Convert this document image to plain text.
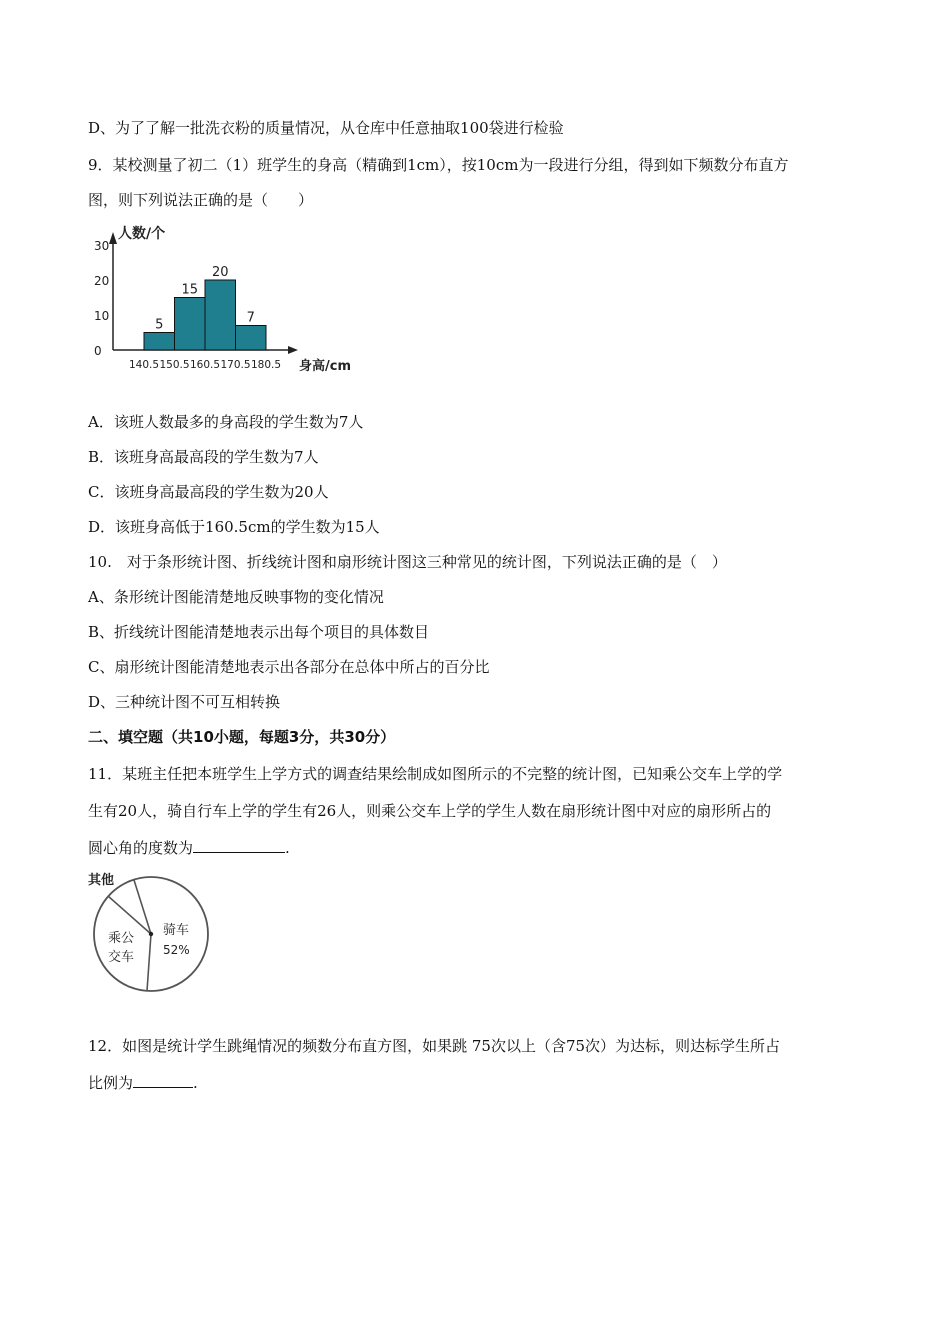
D、为了了解一批洗衣粉的质量情况，从仓库中任意抽取100袋进行检验
9．某校测量了初二（1）班学生的身高（精确到1cm），按10cm为一段进行分组，得到如下频数分布直方
图，则下列说法正确的是（　　）
0
10
20
30
人数/个
身高/cm
140.5 150.5 160.5 170.5 180.5
5
15
20
7
A．该班人数最多的身高段的学生数为7人
B．该班身高最高段的学生数为7人
C．该班身高最高段的学生数为20人
D．该班身高低于160.5cm的学生数为15人
10.　对于条形统计图、折线统计图和扇形统计图这三种常见的统计图，下列说法正确的是（　）
A、条形统计图能清楚地反映事物的变化情况
B、折线统计图能清楚地表示出每个项目的具体数目
C、扇形统计图能清楚地表示出各部分在总体中所占的百分比
D、三种统计图不可互相转换
二、填空题（共10小题，每题3分，共30分）
11．某班主任把本班学生上学方式的调查结果绘制成如图所示的不完整的统计图，已知乘公交车上学的学
生有20人，骑自行车上学的学生有26人，则乘公交车上学的学生人数在扇形统计图中对应的扇形所占的
圆心角的度数为	.
其他
骑车
52%
乘公
交车
12．如图是统计学生跳绳情况的频数分布直方图，如果跳 75次以上（含75次）为达标，则达标学生所占
比例为	.
